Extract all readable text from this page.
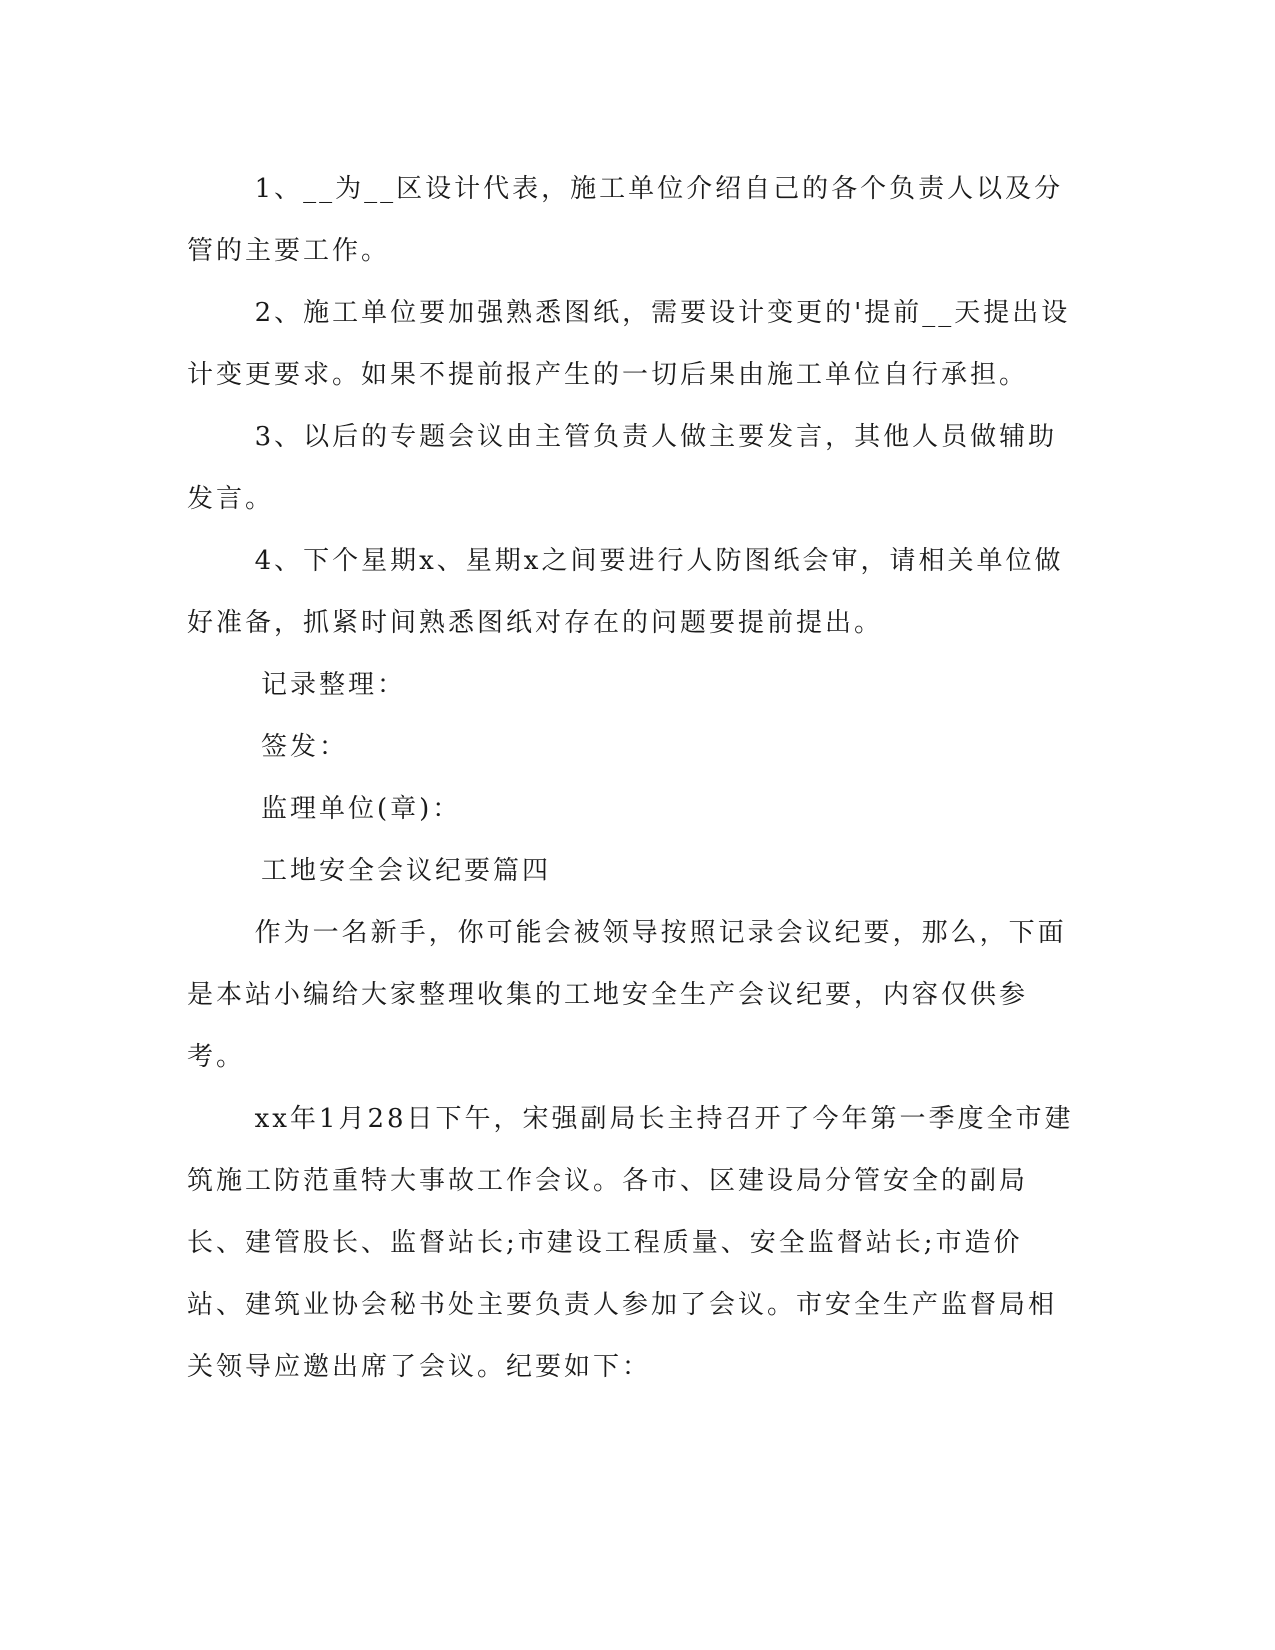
1、__为__区设计代表，施工单位介绍自己的各个负责人以及分管的主要工作。

2、施工单位要加强熟悉图纸，需要设计变更的'提前__天提出设计变更要求。如果不提前报产生的一切后果由施工单位自行承担。

3、以后的专题会议由主管负责人做主要发言，其他人员做辅助发言。

4、下个星期x、星期x之间要进行人防图纸会审，请相关单位做好准备，抓紧时间熟悉图纸对存在的问题要提前提出。

记录整理：

签发：

监理单位(章)：

工地安全会议纪要篇四

作为一名新手，你可能会被领导按照记录会议纪要，那么，下面是本站小编给大家整理收集的工地安全生产会议纪要，内容仅供参考。

xx年1月28日下午，宋强副局长主持召开了今年第一季度全市建筑施工防范重特大事故工作会议。各市、区建设局分管安全的副局长、建管股长、监督站长;市建设工程质量、安全监督站长;市造价站、建筑业协会秘书处主要负责人参加了会议。市安全生产监督局相关领导应邀出席了会议。纪要如下：
